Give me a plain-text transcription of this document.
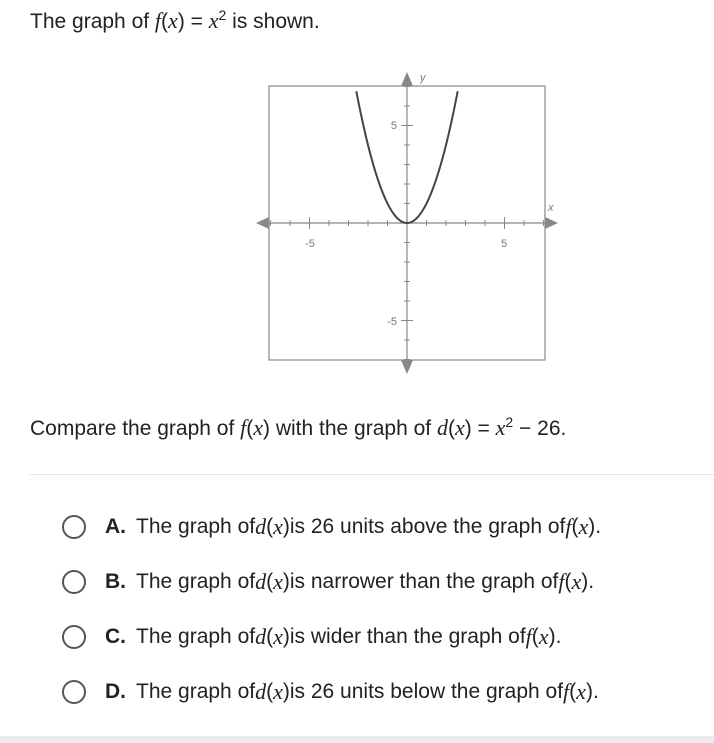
The graph of $f(x) = x^2$ is shown.
x
y
-5	5
5
-5
Compare the graph of f(x) with the graph of $d(x) = x^2 - 26$.
A. The graph of d ( x ) is 26 units above the graph of f ( x ) .
B. The graph of d ( x ) is narrower than the graph of f ( x ) .
C. The graph of d ( x ) is wider than the graph of f ( x ) .
D. The graph of d ( x ) is 26 units below the graph of f ( x ) .
